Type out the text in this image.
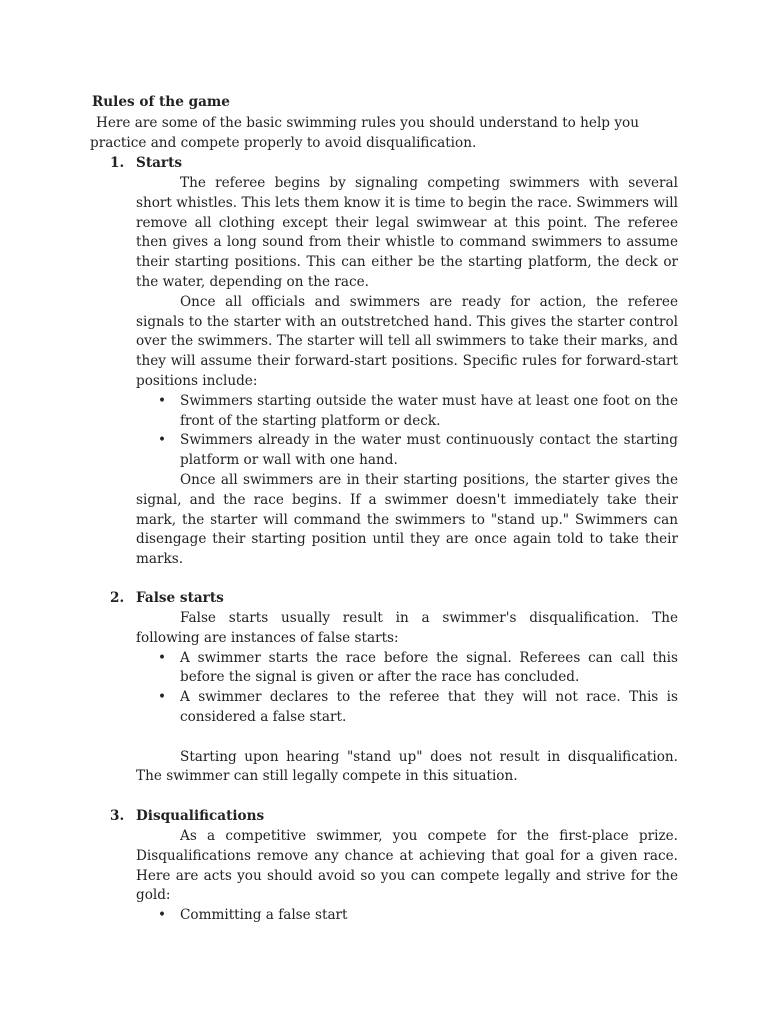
Rules of the game
Here are some of the basic swimming rules you should understand to help you practice and compete properly to avoid disqualification.
1. Starts

The referee begins by signaling competing swimmers with several short whistles. This lets them know it is time to begin the race. Swimmers will remove all clothing except their legal swimwear at this point. The referee then gives a long sound from their whistle to command swimmers to assume their starting positions. This can either be the starting platform, the deck or the water, depending on the race.

Once all officials and swimmers are ready for action, the referee signals to the starter with an outstretched hand. This gives the starter control over the swimmers. The starter will tell all swimmers to take their marks, and they will assume their forward-start positions. Specific rules for forward-start positions include:

• Swimmers starting outside the water must have at least one foot on the front of the starting platform or deck.
• Swimmers already in the water must continuously contact the starting platform or wall with one hand.

Once all swimmers are in their starting positions, the starter gives the signal, and the race begins. If a swimmer doesn't immediately take their mark, the starter will command the swimmers to "stand up." Swimmers can disengage their starting position until they are once again told to take their marks.

2. False starts

False starts usually result in a swimmer's disqualification. The following are instances of false starts:

• A swimmer starts the race before the signal. Referees can call this before the signal is given or after the race has concluded.
• A swimmer declares to the referee that they will not race. This is considered a false start.

Starting upon hearing "stand up" does not result in disqualification. The swimmer can still legally compete in this situation.

3. Disqualifications

As a competitive swimmer, you compete for the first-place prize. Disqualifications remove any chance at achieving that goal for a given race. Here are acts you should avoid so you can compete legally and strive for the gold:

• Committing a false start
